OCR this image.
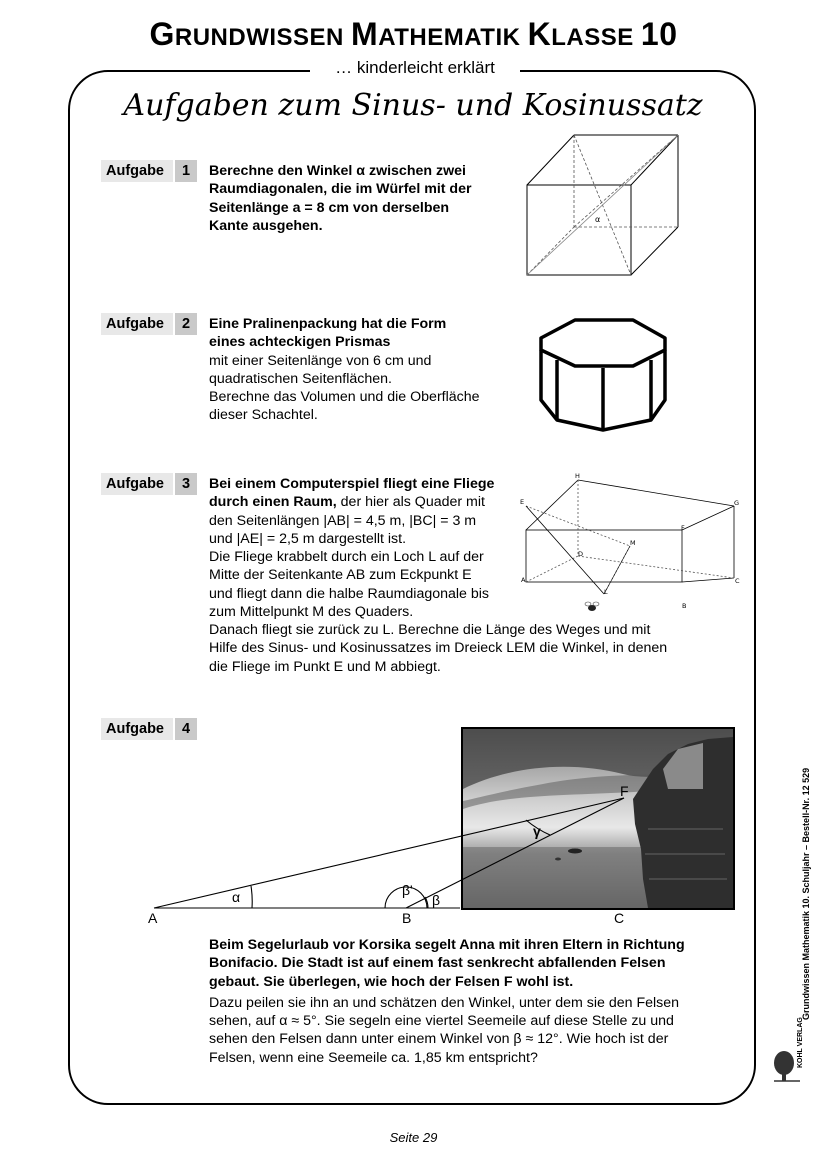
GRUNDWISSEN MATHEMATIK KLASSE 10
… kinderleicht erklärt
Aufgaben zum Sinus- und Kosinussatz
Aufgabe	1	Berechne den Winkel α zwischen zwei
Raumdiagonalen, die im Würfel mit der
Seitenlänge a = 8 cm von derselben
Kante ausgehen.	α
Aufgabe	2	Eine Pralinenpackung hat die Form
eines achteckigen Prismas
mit einer Seitenlänge von 6 cm und
quadratischen Seitenflächen.
Berechne das Volumen und die Oberfläche
dieser Schachtel.
Aufgabe	3	Bei einem Computerspiel fliegt eine Fliege
durch einen Raum, der hier als Quader mit
den Seitenlängen |AB| = 4,5 m, |BC| = 3 m
und |AE| = 2,5 m dargestellt ist.
Die Fliege krabbelt durch ein Loch L auf der
Mitte der Seitenkante AB zum Eckpunkt E
und fliegt dann die halbe Raumdiagonale bis
zum Mittelpunkt M des Quaders.
Danach fliegt sie zurück zu L. Berechne die Länge des Weges und mit
Hilfe des Sinus- und Kosinussatzes im Dreieck LEM die Winkel, in denen
die Fliege im Punkt E und M abbiegt.
H
G
E
F
D
M
A	C
L
B
Aufgabe	4
A	B	C
F
α	β'
β
γ
Beim Segelurlaub vor Korsika segelt Anna mit ihren Eltern in Richtung
Bonifacio. Die Stadt ist auf einem fast senkrecht abfallenden Felsen
gebaut. Sie überlegen, wie hoch der Felsen F wohl ist.
Dazu peilen sie ihn an und schätzen den Winkel, unter dem sie den Felsen
sehen, auf α ≈ 5°. Sie segeln eine viertel Seemeile auf diese Stelle zu und
sehen den Felsen dann unter einem Winkel von β ≈ 12°. Wie hoch ist der
Felsen, wenn eine Seemeile ca. 1,85 km entspricht?
Grundwissen Mathematik 10. Schuljahr – Bestell-Nr. 12 529
KOHL VERLAG
Seite 29
